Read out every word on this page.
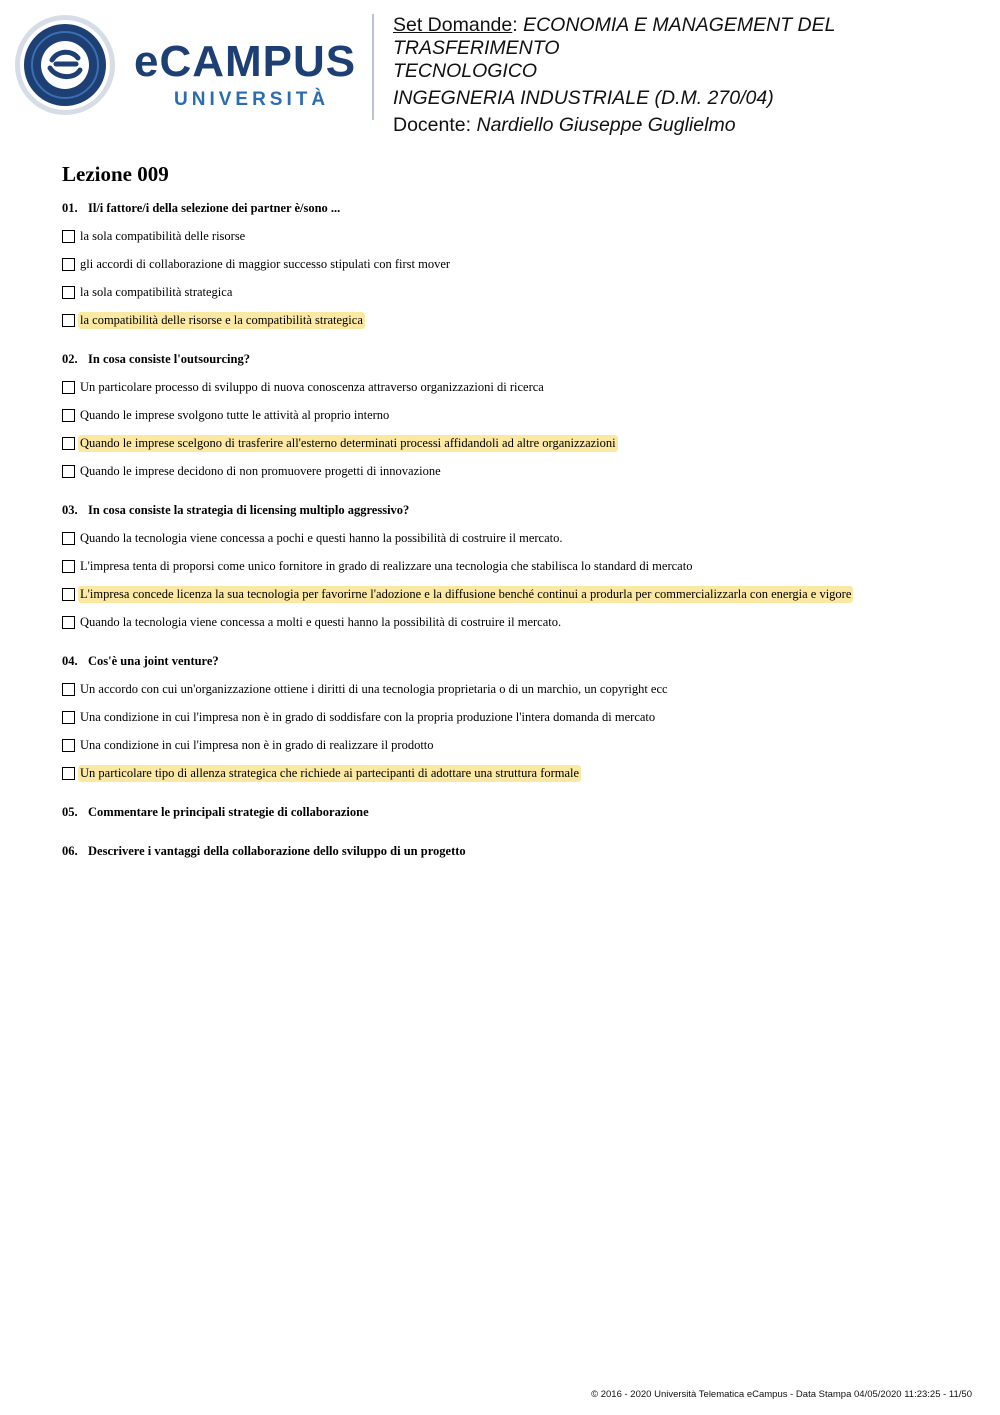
eCAMPUS
UNIVERSITÀ

Set Domande: ECONOMIA E MANAGEMENT DEL TRASFERIMENTO

TECNOLOGICO

INGEGNERIA INDUSTRIALE (D.M. 270/04)

Docente: Nardiello Giuseppe Guglielmo

Lezione 009
01. Il/i fattore/i della selezione dei partner è/sono ...
la sola compatibilità delle risorse
gli accordi di collaborazione di maggior successo stipulati con first mover
la sola compatibilità strategica
la compatibilità delle risorse e la compatibilità strategica
02. In cosa consiste l'outsourcing?
Un particolare processo di sviluppo di nuova conoscenza attraverso organizzazioni di ricerca
Quando le imprese svolgono tutte le attività al proprio interno
Quando le imprese scelgono di trasferire all'esterno determinati processi affidandoli ad altre organizzazioni
Quando le imprese decidono di non promuovere progetti di innovazione
03. In cosa consiste la strategia di licensing multiplo aggressivo?
Quando la tecnologia viene concessa a pochi e questi hanno la possibilità di costruire il mercato.
L'impresa tenta di proporsi come unico fornitore in grado di realizzare una tecnologia che stabilisca lo standard di mercato
L'impresa concede licenza la sua tecnologia per favorirne l'adozione e la diffusione benché continui a produrla per commercializzarla con energia e vigore
Quando la tecnologia viene concessa a molti e questi hanno la possibilità di costruire il mercato.
04. Cos'è una joint venture?
Un accordo con cui un'organizzazione ottiene i diritti di una tecnologia proprietaria o di un marchio, un copyright ecc
Una condizione in cui l'impresa non è in grado di soddisfare con la propria produzione l'intera domanda di mercato
Una condizione in cui l'impresa non è in grado di realizzare il prodotto
Un particolare tipo di allenza strategica che richiede ai partecipanti di adottare una struttura formale
05. Commentare le principali strategie di collaborazione
06. Descrivere i vantaggi della collaborazione dello sviluppo di un progetto
© 2016 - 2020 Università Telematica eCampus - Data Stampa 04/05/2020 11:23:25 - 11/50
